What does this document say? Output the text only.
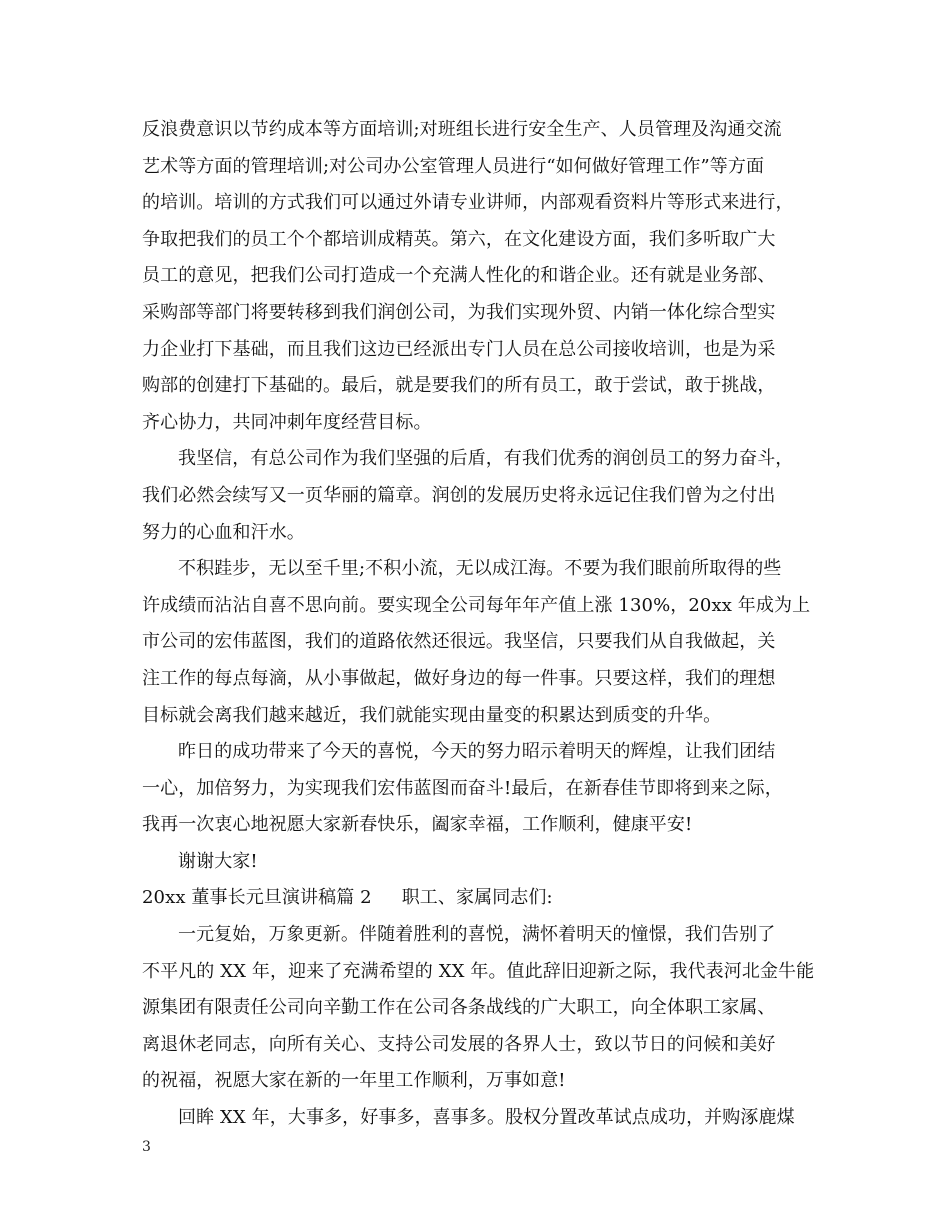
反浪费意识以节约成本等方面培训;对班组长进行安全生产、人员管理及沟通交流
艺术等方面的管理培训;对公司办公室管理人员进行“如何做好管理工作”等方面
的培训。培训的方式我们可以通过外请专业讲师，内部观看资料片等形式来进行，
争取把我们的员工个个都培训成精英。第六，在文化建设方面，我们多听取广大
员工的意见，把我们公司打造成一个充满人性化的和谐企业。还有就是业务部、
采购部等部门将要转移到我们润创公司，为我们实现外贸、内销一体化综合型实
力企业打下基础，而且我们这边已经派出专门人员在总公司接收培训，也是为采
购部的创建打下基础的。最后，就是要我们的所有员工，敢于尝试，敢于挑战，
齐心协力，共同冲刺年度经营目标。
我坚信，有总公司作为我们坚强的后盾，有我们优秀的润创员工的努力奋斗，
我们必然会续写又一页华丽的篇章。润创的发展历史将永远记住我们曾为之付出
努力的心血和汗水。
不积跬步，无以至千里;不积小流，无以成江海。不要为我们眼前所取得的些
许成绩而沾沾自喜不思向前。要实现全公司每年年产值上涨 130%，20xx 年成为上
市公司的宏伟蓝图，我们的道路依然还很远。我坚信，只要我们从自我做起，关
注工作的每点每滴，从小事做起，做好身边的每一件事。只要这样，我们的理想
目标就会离我们越来越近，我们就能实现由量变的积累达到质变的升华。
昨日的成功带来了今天的喜悦，今天的努力昭示着明天的辉煌，让我们团结
一心，加倍努力，为实现我们宏伟蓝图而奋斗!最后，在新春佳节即将到来之际，
我再一次衷心地祝愿大家新春快乐，阖家幸福，工作顺利，健康平安!
谢谢大家!
20xx 董事长元旦演讲稿篇 2 职工、家属同志们:
一元复始，万象更新。伴随着胜利的喜悦，满怀着明天的憧憬，我们告别了
不平凡的 XX 年，迎来了充满希望的 XX 年。值此辞旧迎新之际，我代表河北金牛能
源集团有限责任公司向辛勤工作在公司各条战线的广大职工，向全体职工家属、
离退休老同志，向所有关心、支持公司发展的各界人士，致以节日的问候和美好
的祝福，祝愿大家在新的一年里工作顺利，万事如意!
回眸 XX 年，大事多，好事多，喜事多。股权分置改革试点成功，并购涿鹿煤
3
